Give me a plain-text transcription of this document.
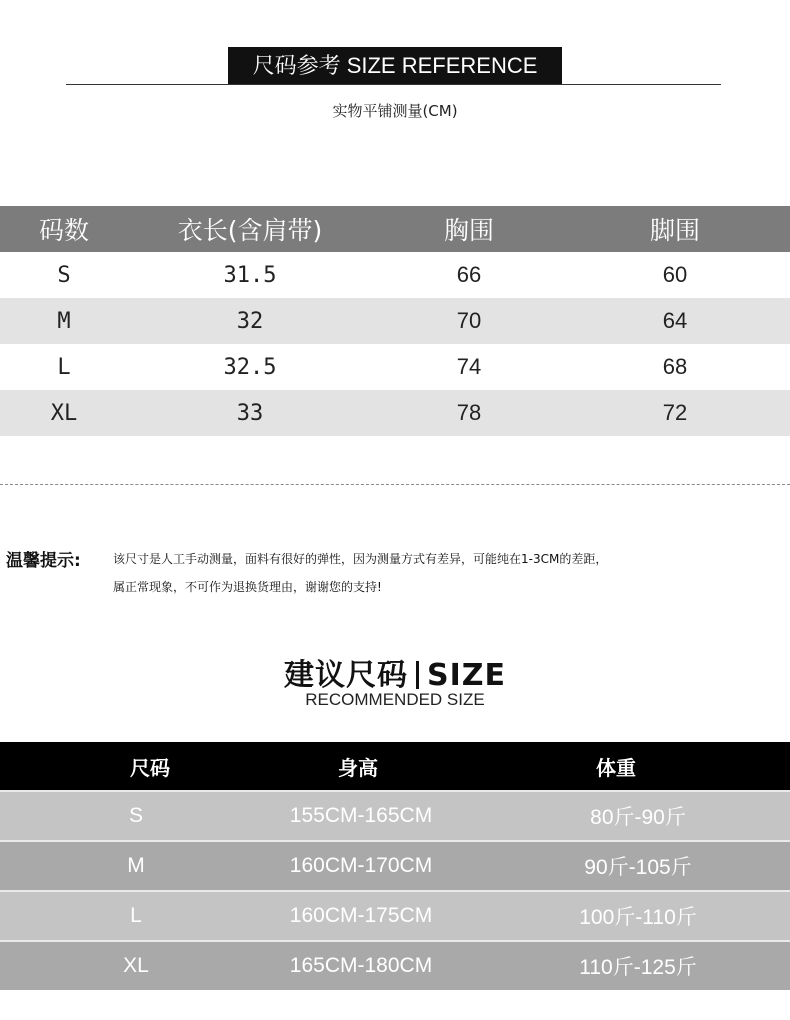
尺码参考 SIZE REFERENCE
实物平铺测量(CM)
码数	衣长(含肩带)	胸围	脚围
S	31.5	66	60
M	32	70	64
L	32.5	74	68
XL	33	78	72
温馨提示:	该尺寸是人工手动测量，面料有很好的弹性，因为测量方式有差异，可能纯在1-3CM的差距，
属正常现象，不可作为退换货理由，谢谢您的支持!
建议尺码 SIZE
RECOMMENDED SIZE
尺码	身高	体重
S	155CM-165CM	80斤-90斤
M	160CM-170CM	90斤-105斤
L	160CM-175CM	100斤-110斤
XL	165CM-180CM	110斤-125斤
